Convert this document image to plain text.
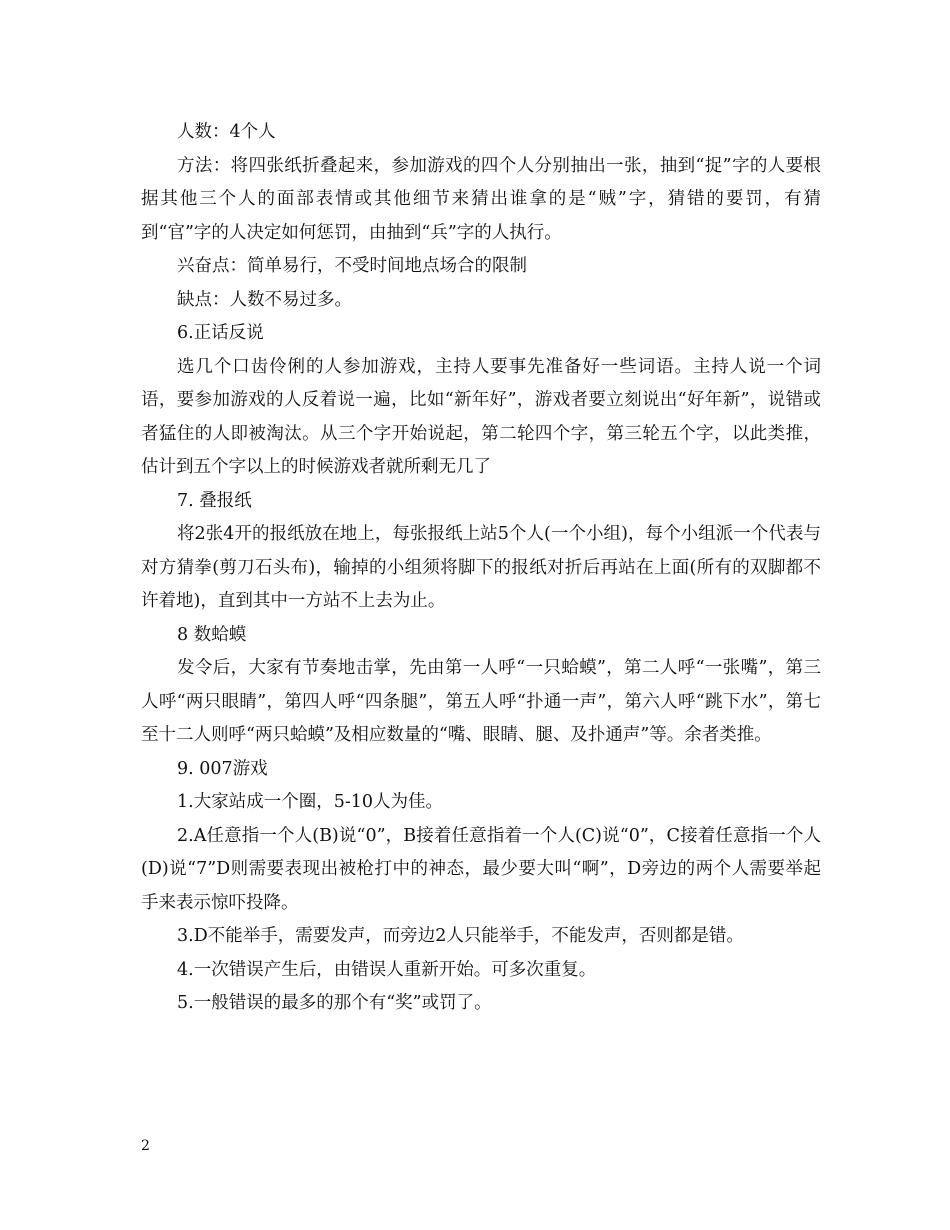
人数：4个人

方法：将四张纸折叠起来，参加游戏的四个人分别抽出一张，抽到“捉”字的人要根据其他三个人的面部表情或其他细节来猜出谁拿的是“贼”字，猜错的要罚，有猜到“官”字的人决定如何惩罚，由抽到“兵”字的人执行。

兴奋点：简单易行，不受时间地点场合的限制

缺点：人数不易过多。

6.正话反说

选几个口齿伶俐的人参加游戏，主持人要事先准备好一些词语。主持人说一个词语，要参加游戏的人反着说一遍，比如“新年好”，游戏者要立刻说出“好年新”，说错或者猛住的人即被淘汰。从三个字开始说起，第二轮四个字，第三轮五个字，以此类推，估计到五个字以上的时候游戏者就所剩无几了

7. 叠报纸

将2张4开的报纸放在地上，每张报纸上站5个人(一个小组)，每个小组派一个代表与对方猜拳(剪刀石头布)，输掉的小组须将脚下的报纸对折后再站在上面(所有的双脚都不许着地)，直到其中一方站不上去为止。

8 数蛤蟆

发令后，大家有节奏地击掌，先由第一人呼“一只蛤蟆”，第二人呼“一张嘴”，第三人呼“两只眼睛”，第四人呼“四条腿”，第五人呼“扑通一声”，第六人呼“跳下水”，第七至十二人则呼“两只蛤蟆”及相应数量的“嘴、眼睛、腿、及扑通声”等。余者类推。

9. 007游戏

1.大家站成一个圈，5-10人为佳。

2.A任意指一个人(B)说“0”，B接着任意指着一个人(C)说“0”，C接着任意指一个人(D)说“7”D则需要表现出被枪打中的神态，最少要大叫“啊”，D旁边的两个人需要举起手来表示惊吓投降。

3.D不能举手，需要发声，而旁边2人只能举手，不能发声，否则都是错。

4.一次错误产生后，由错误人重新开始。可多次重复。

5.一般错误的最多的那个有“奖”或罚了。

2
